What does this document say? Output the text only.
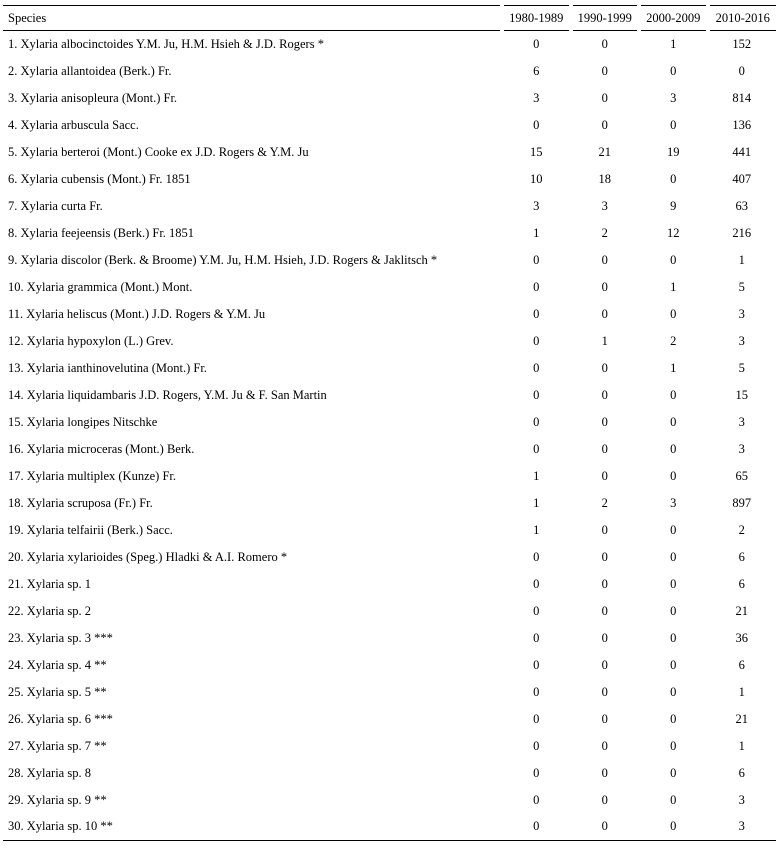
Species	1980-1989	1990-1999	2000-2009	2010-2016
1. Xylaria albocinctoides Y.M. Ju, H.M. Hsieh & J.D. Rogers *	0	0	1	152
2. Xylaria allantoidea (Berk.) Fr.	6	0	0	0
3. Xylaria anisopleura (Mont.) Fr.	3	0	3	814
4. Xylaria arbuscula Sacc.	0	0	0	136
5. Xylaria berteroi (Mont.) Cooke ex J.D. Rogers & Y.M. Ju	15	21	19	441
6. Xylaria cubensis (Mont.) Fr. 1851	10	18	0	407
7. Xylaria curta Fr.	3	3	9	63
8. Xylaria feejeensis (Berk.) Fr. 1851	1	2	12	216
9. Xylaria discolor (Berk. & Broome) Y.M. Ju, H.M. Hsieh, J.D. Rogers & Jaklitsch *	0	0	0	1
10. Xylaria grammica (Mont.) Mont.	0	0	1	5
11. Xylaria heliscus (Mont.) J.D. Rogers & Y.M. Ju	0	0	0	3
12. Xylaria hypoxylon (L.) Grev.	0	1	2	3
13. Xylaria ianthinovelutina (Mont.) Fr.	0	0	1	5
14. Xylaria liquidambaris J.D. Rogers, Y.M. Ju & F. San Martin	0	0	0	15
15. Xylaria longipes Nitschke	0	0	0	3
16. Xylaria microceras (Mont.) Berk.	0	0	0	3
17. Xylaria multiplex (Kunze) Fr.	1	0	0	65
18. Xylaria scruposa (Fr.) Fr.	1	2	3	897
19. Xylaria telfairii (Berk.) Sacc.	1	0	0	2
20. Xylaria xylarioides (Speg.) Hladki & A.I. Romero *	0	0	0	6
21. Xylaria sp. 1	0	0	0	6
22. Xylaria sp. 2	0	0	0	21
23. Xylaria sp. 3 ***	0	0	0	36
24. Xylaria sp. 4 **	0	0	0	6
25. Xylaria sp. 5 **	0	0	0	1
26. Xylaria sp. 6 ***	0	0	0	21
27. Xylaria sp. 7 **	0	0	0	1
28. Xylaria sp. 8	0	0	0	6
29. Xylaria sp. 9 **	0	0	0	3
30. Xylaria sp. 10 **	0	0	0	3
